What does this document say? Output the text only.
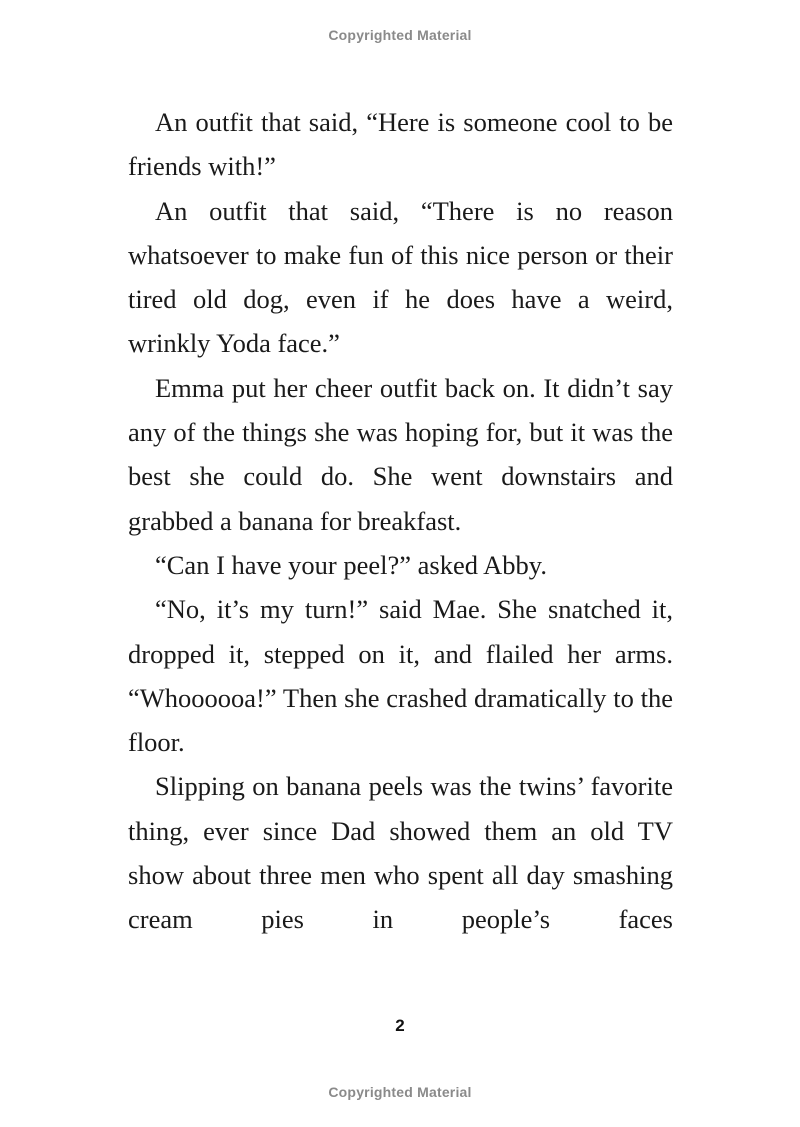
Copyrighted Material

An outfit that said, “Here is someone cool to be friends with!”

An outfit that said, “There is no reason whatsoever to make fun of this nice person or their tired old dog, even if he does have a weird, wrinkly Yoda face.”

Emma put her cheer outfit back on. It didn’t say any of the things she was hoping for, but it was the best she could do. She went downstairs and grabbed a banana for breakfast.

“Can I have your peel?” asked Abby.

“No, it’s my turn!” said Mae. She snatched it, dropped it, stepped on it, and flailed her arms. “Whoooooa!” Then she crashed dramatically to the floor.

Slipping on banana peels was the twins’ favorite thing, ever since Dad showed them an old TV show about three men who spent all day smashing cream pies in people’s faces

2
Copyrighted Material
